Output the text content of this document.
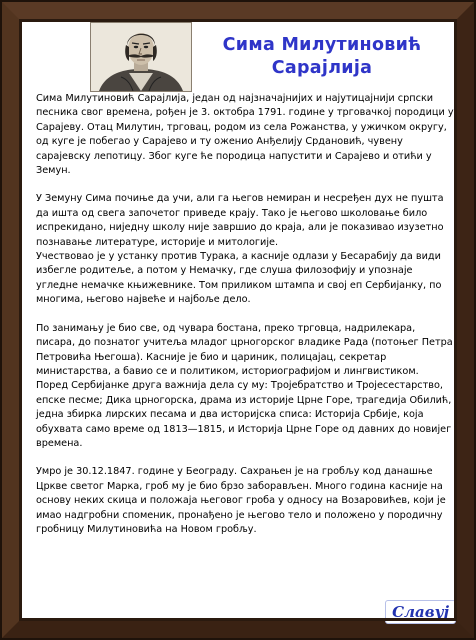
Сима Милутиновић
Сарајлија

Сима Милутиновић Сарајлија, један од најзначајнијих и најутицајнији српски песника свог времена, рођен је 3. октобра 1791. године у трговачкој породици у Сарајеву. Отац Милутин, трговац, родом из села Рожанства, у ужичком округу, од куге је побегао у Сарајево и ту оженио Анђелију Срдановић, чувену сарајевску лепотицу. Због куге ће породица напустити и Сарајево и отићи у Земун.

У Земуну Сима почиње да учи, али га његов немиран и несређен дух не пушта да ишта од свега започетог приведе крају. Тако је његово школовање било испрекидано, ниједну школу није завршио до краја, али је показивао изузетно познавање литературе, историје и митологије.

Учествовао је у устанку против Турака, а касније одлази у Бесарабију да види избегле родитеље, а потом у Немачку, где слуша филозофију и упознаје угледне немачке књижевнике. Том приликом штампа и свој еп Сербијанку, по многима, његово највеће и најбоље дело.

По занимању је био све, од чувара бостана, преко трговца, надрилекара, писара, до познатог учитеља младог црногорског владике Рада (потоњег Петра Петровића Његоша). Касније је био и цариник, полицајац, секретар министарства, а бавио се и политиком, историографијом и лингвистиком.

Поред Сербијанке друга важнија дела су му: Тројебратство и Тројесестарство, епске песме; Дика црногорска, драма из историје Црне Горе, трагедија Обилић, једна збирка лирских песама и два историјска списа: Историја Србије, која обухвата само време од 1813—1815, и Историја Црне Горе од давних до новијег времена.

Умро је 30.12.1847. године у Београду. Сахрањен је на гробљу код данашње Цркве светог Марка, гроб му је био брзо заборављен. Много година касније на основу неких скица и положаја његовог гроба у односу на Возаровићев, који је имао надгробни споменик, пронађено је његово тело и положено у породичну гробницу Милутиновића на Новом гробљу.

Славуј
